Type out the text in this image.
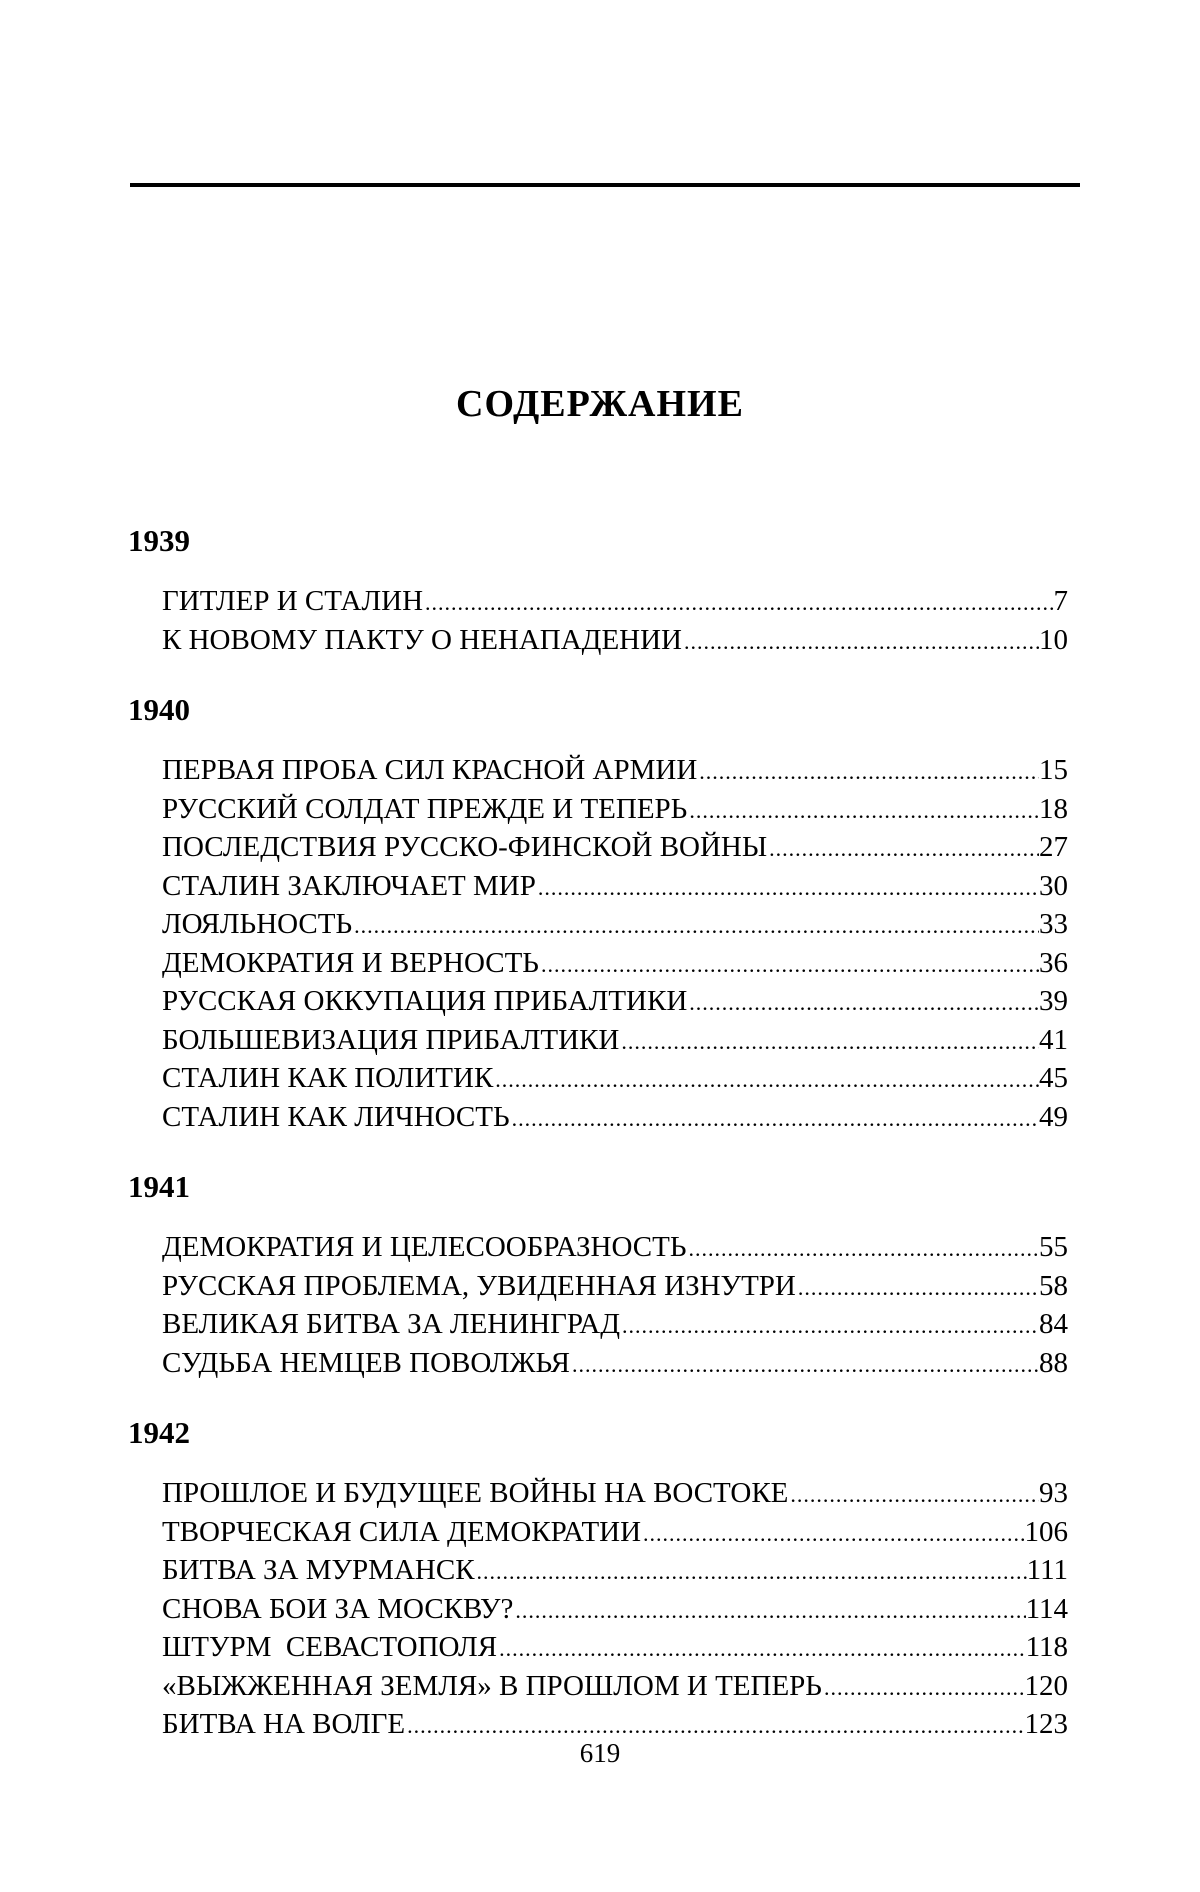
СОДЕРЖАНИЕ
1939
ГИТЛЕР И СТАЛИН .....	7
К НОВОМУ ПАКТУ О НЕНАПАДЕНИИ .....	10
1940
ПЕРВАЯ ПРОБА СИЛ КРАСНОЙ АРМИИ .....	15
РУССКИЙ СОЛДАТ ПРЕЖДЕ И ТЕПЕРЬ .....	18
ПОСЛЕДСТВИЯ РУССКО-ФИНСКОЙ ВОЙНЫ .....	27
СТАЛИН ЗАКЛЮЧАЕТ МИР .....	30
ЛОЯЛЬНОСТЬ .....	33
ДЕМОКРАТИЯ И ВЕРНОСТЬ .....	36
РУССКАЯ ОККУПАЦИЯ ПРИБАЛТИКИ .....	39
БОЛЬШЕВИЗАЦИЯ ПРИБАЛТИКИ .....	41
СТАЛИН КАК ПОЛИТИК .....	45
СТАЛИН КАК ЛИЧНОСТЬ .....	49
1941
ДЕМОКРАТИЯ И ЦЕЛЕСООБРАЗНОСТЬ .....	55
РУССКАЯ ПРОБЛЕМА, УВИДЕННАЯ ИЗНУТРИ .....	58
ВЕЛИКАЯ БИТВА ЗА ЛЕНИНГРАД .....	84
СУДЬБА НЕМЦЕВ ПОВОЛЖЬЯ .....	88
1942
ПРОШЛОЕ И БУДУЩЕЕ ВОЙНЫ НА ВОСТОКЕ .....	93
ТВОРЧЕСКАЯ СИЛА ДЕМОКРАТИИ .....	106
БИТВА ЗА МУРМАНСК .....	111
СНОВА БОИ ЗА МОСКВУ? .....	114
ШТУРМ  СЕВАСТОПОЛЯ .....	118
«ВЫЖЖЕННАЯ ЗЕМЛЯ» В ПРОШЛОМ И ТЕПЕРЬ .....	120
БИТВА НА ВОЛГЕ .....	123
619
